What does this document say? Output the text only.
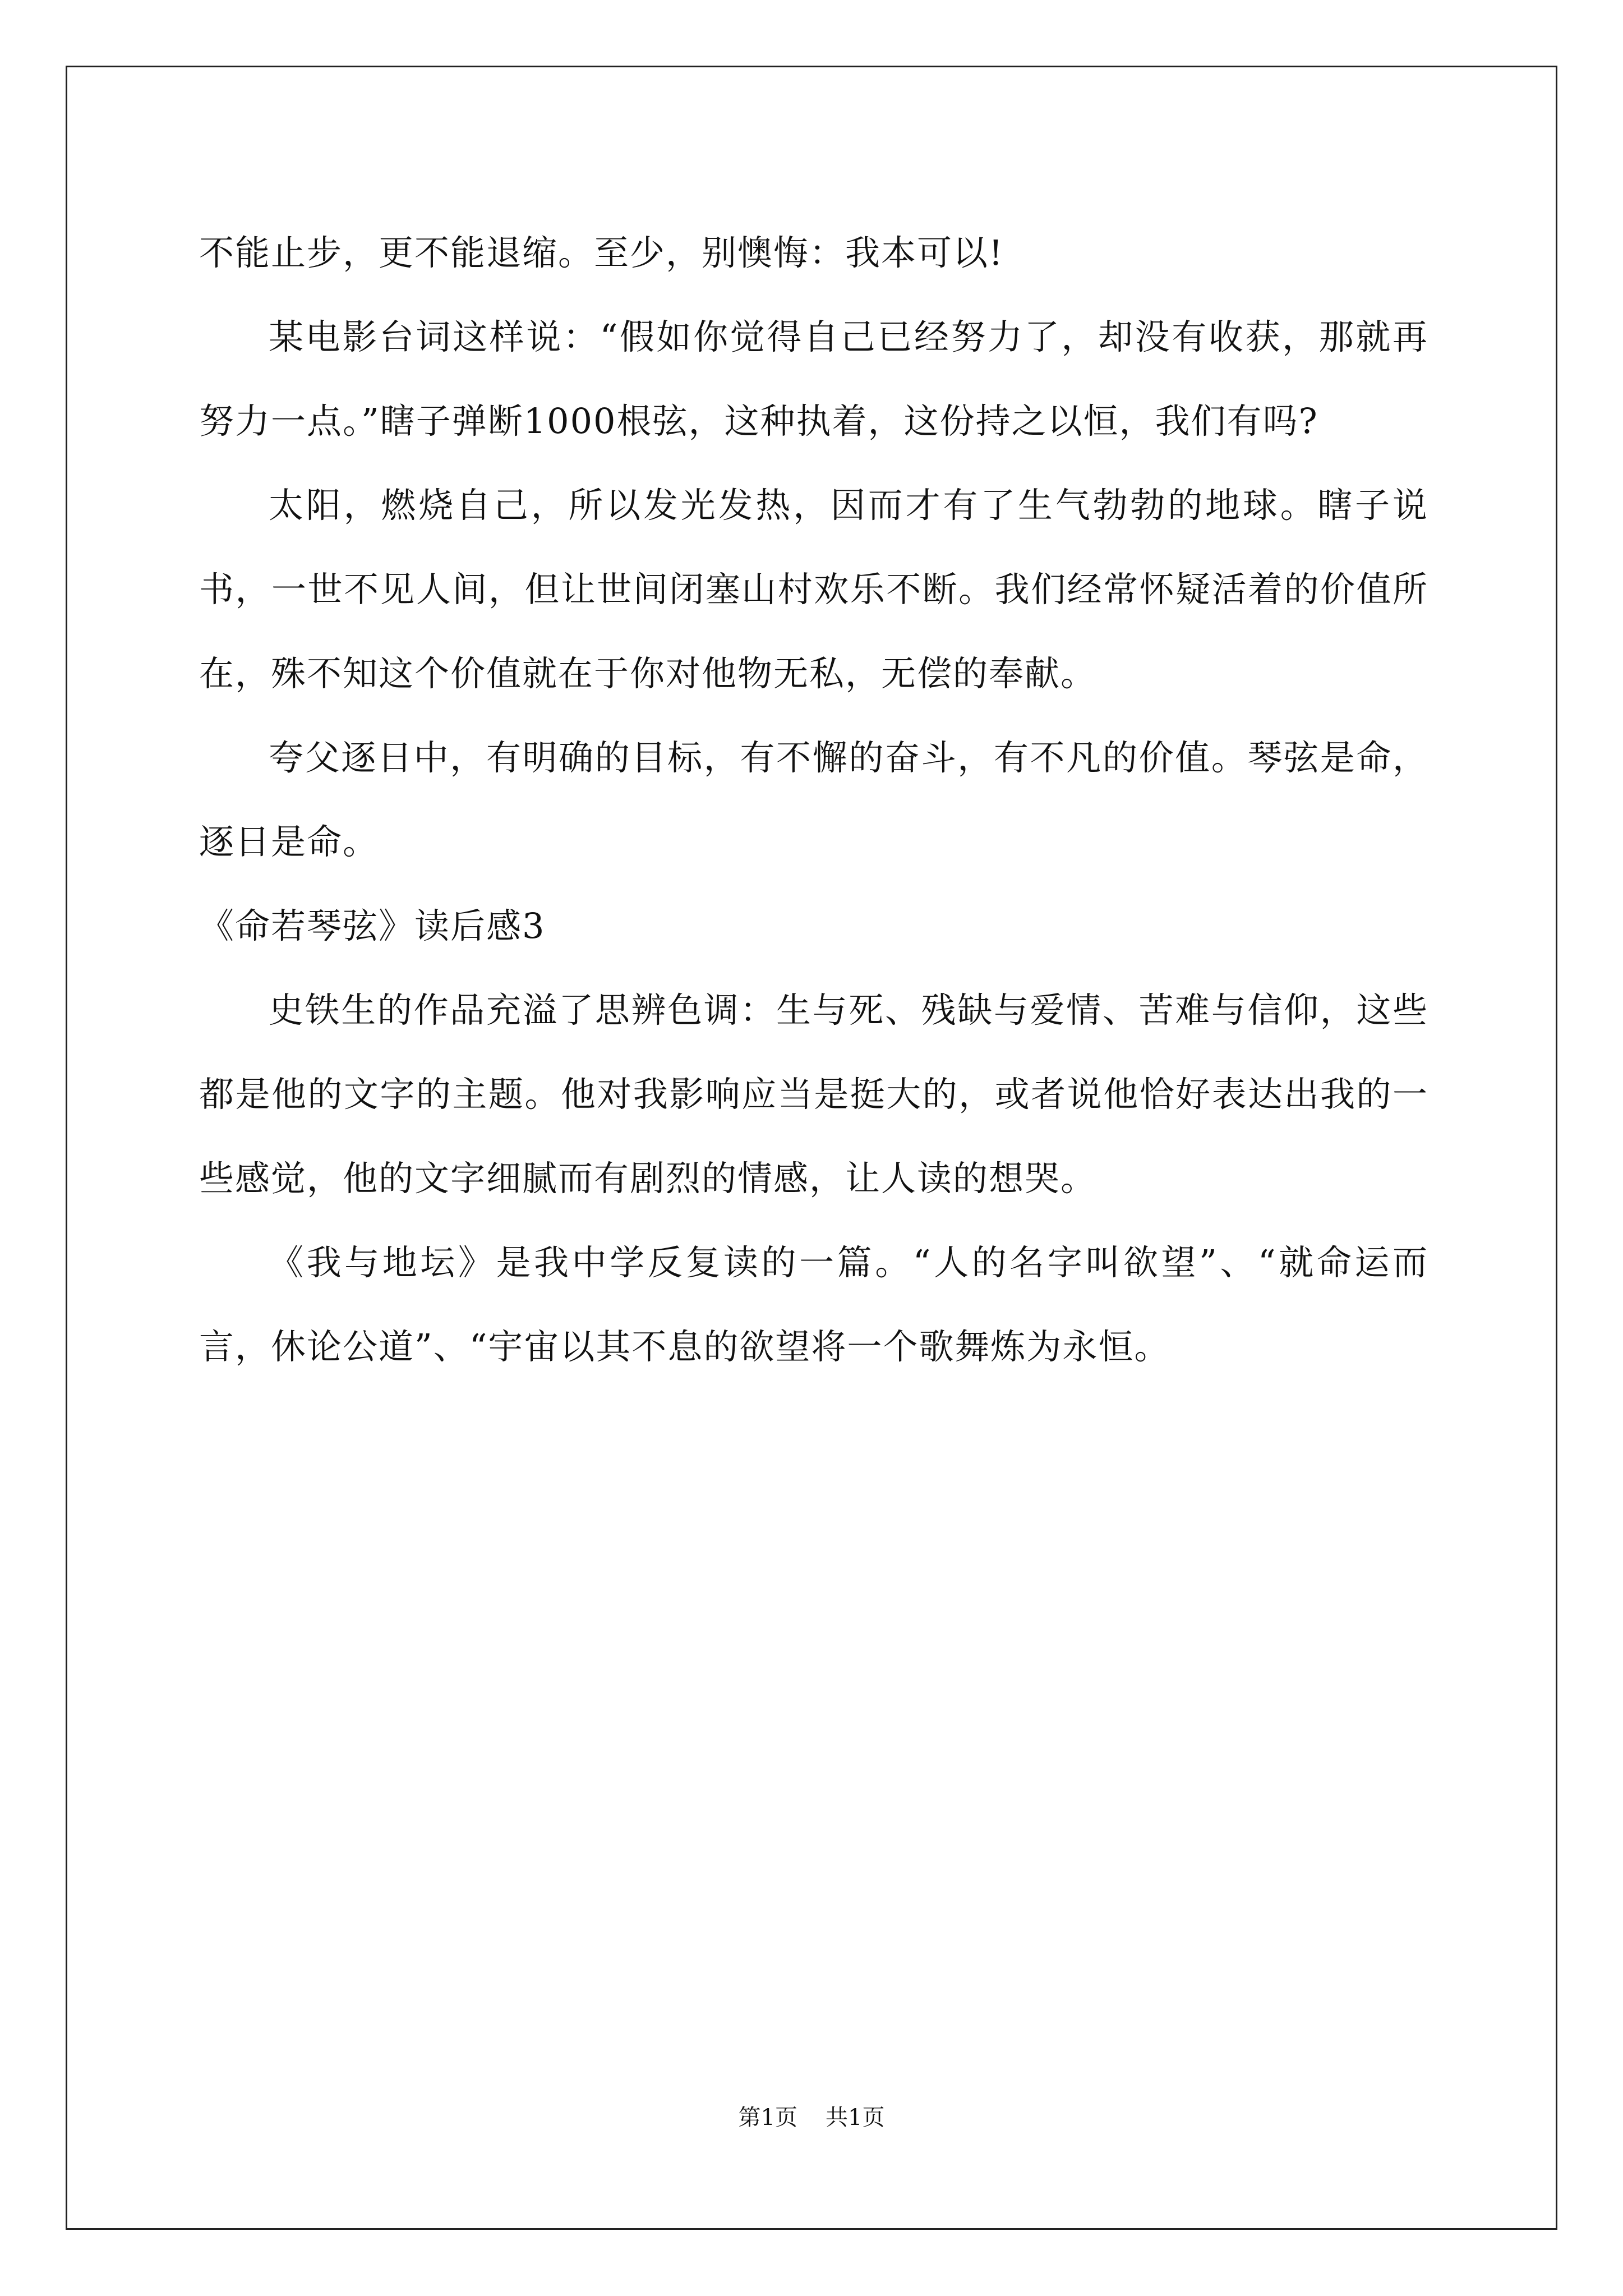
不能止步，更不能退缩。至少，别懊悔：我本可以!

某电影台词这样说：“假如你觉得自己已经努力了，却没有收获，那就再努力一点。”瞎子弹断1000根弦，这种执着，这份持之以恒，我们有吗?

太阳，燃烧自己，所以发光发热，因而才有了生气勃勃的地球。瞎子说书，一世不见人间，但让世间闭塞山村欢乐不断。我们经常怀疑活着的价值所在，殊不知这个价值就在于你对他物无私，无偿的奉献。

夸父逐日中，有明确的目标，有不懈的奋斗，有不凡的价值。琴弦是命，逐日是命。

《命若琴弦》读后感3

史铁生的作品充溢了思辨色调：生与死、残缺与爱情、苦难与信仰，这些都是他的文字的主题。他对我影响应当是挺大的，或者说他恰好表达出我的一些感觉，他的文字细腻而有剧烈的情感，让人读的想哭。

《我与地坛》是我中学反复读的一篇。“人的名字叫欲望”、“就命运而言，休论公道”、“宇宙以其不息的欲望将一个歌舞炼为永恒。

第1页 共1页
